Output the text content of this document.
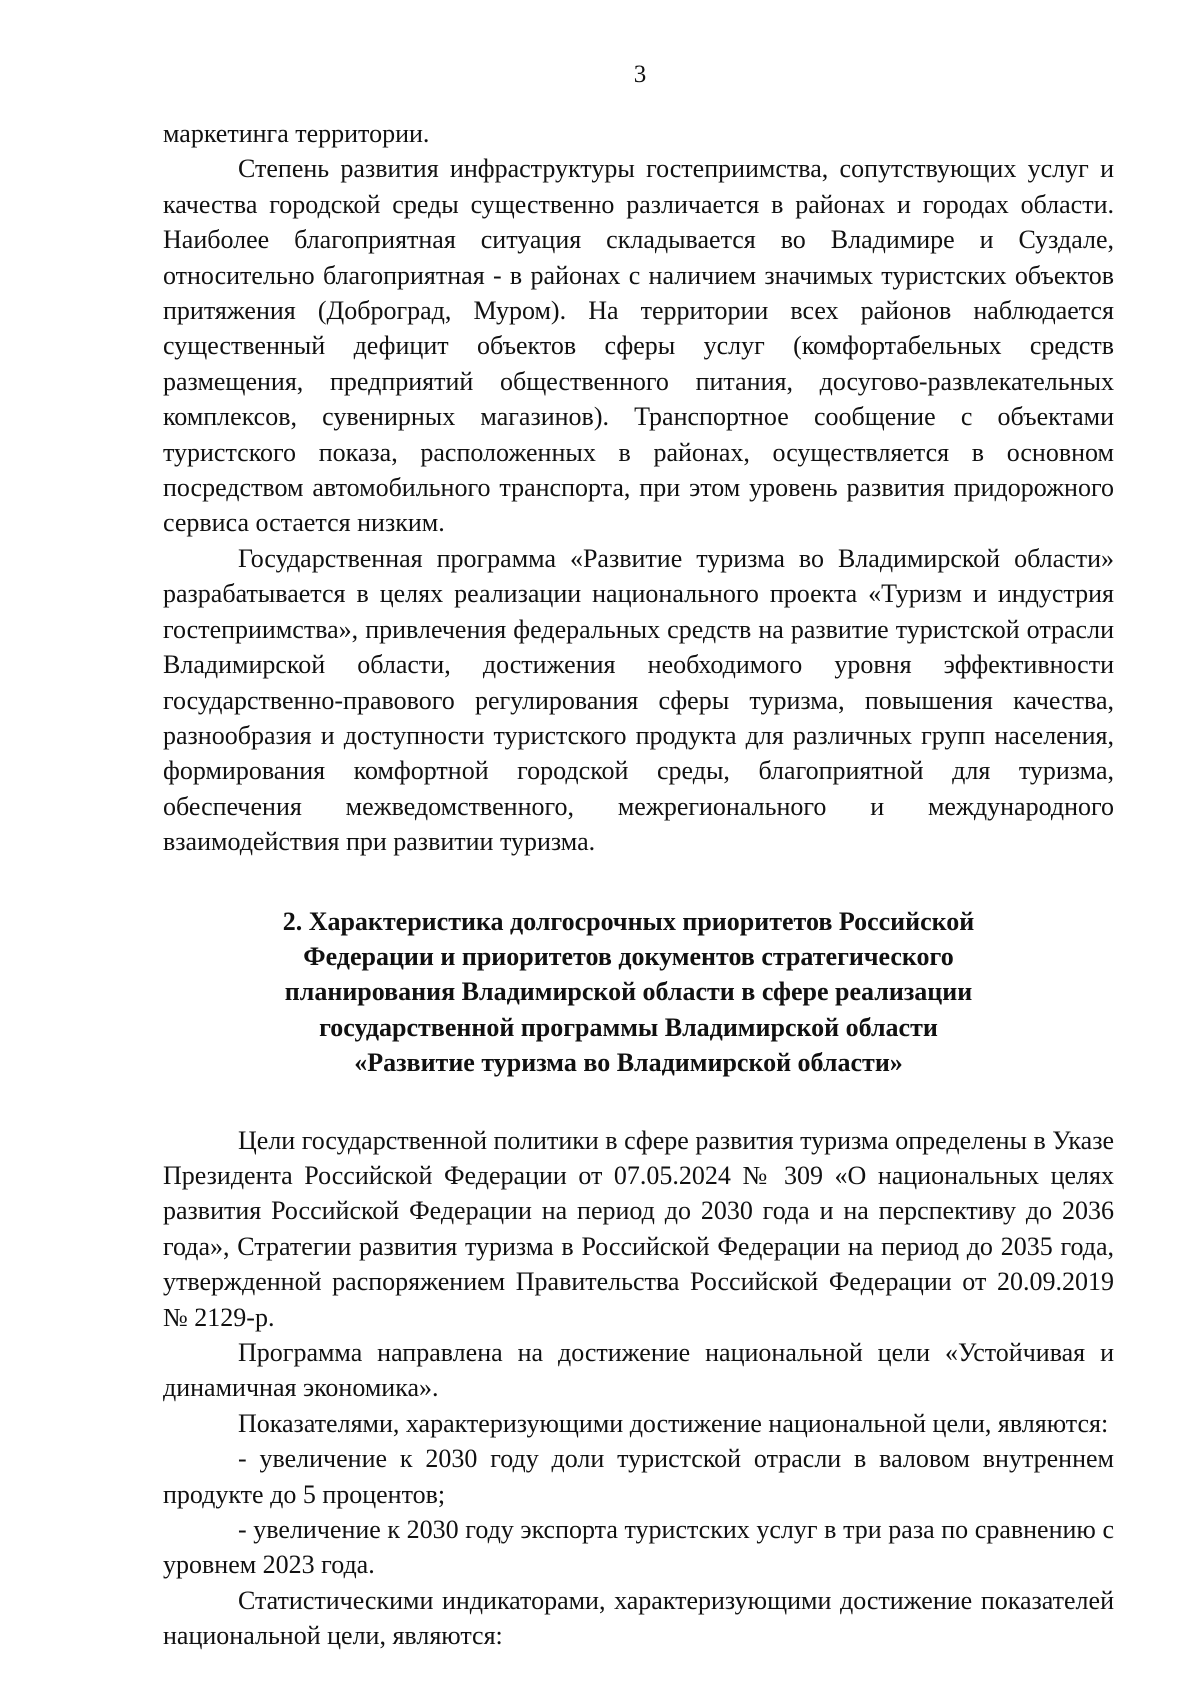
3

маркетинга территории.

Степень развития инфраструктуры гостеприимства, сопутствующих услуг и качества городской среды существенно различается в районах и городах области. Наиболее благоприятная ситуация складывается во Владимире и Суздале, относительно благоприятная - в районах с наличием значимых туристских объектов притяжения (Доброград, Муром). На территории всех районов наблюдается существенный дефицит объектов сферы услуг (комфортабельных средств размещения, предприятий общественного питания, досугово-развлекательных комплексов, сувенирных магазинов). Транспортное сообщение с объектами туристского показа, расположенных в районах, осуществляется в основном посредством автомобильного транспорта, при этом уровень развития придорожного сервиса остается низким.

Государственная программа «Развитие туризма во Владимирской области» разрабатывается в целях реализации национального проекта «Туризм и индустрия гостеприимства», привлечения федеральных средств на развитие туристской отрасли Владимирской области, достижения необходимого уровня эффективности государственно-правового регулирования сферы туризма, повышения качества, разнообразия и доступности туристского продукта для различных групп населения, формирования комфортной городской среды, благоприятной для туризма, обеспечения межведомственного, межрегионального и международного взаимодействия при развитии туризма.

2. Характеристика долгосрочных приоритетов Российской
Федерации и приоритетов документов стратегического
планирования Владимирской области в сфере реализации
государственной программы Владимирской области
«Развитие туризма во Владимирской области»

Цели государственной политики в сфере развития туризма определены в Указе Президента Российской Федерации от 07.05.2024 № 309 «О национальных целях развития Российской Федерации на период до 2030 года и на перспективу до 2036 года», Стратегии развития туризма в Российской Федерации на период до 2035 года, утвержденной распоряжением Правительства Российской Федерации от 20.09.2019 № 2129-р.

Программа направлена на достижение национальной цели «Устойчивая и динамичная экономика».

Показателями, характеризующими достижение национальной цели, являются:

- увеличение к 2030 году доли туристской отрасли в валовом внутреннем продукте до 5 процентов;

- увеличение к 2030 году экспорта туристских услуг в три раза по сравнению с уровнем 2023 года.

Статистическими индикаторами, характеризующими достижение показателей национальной цели, являются:
